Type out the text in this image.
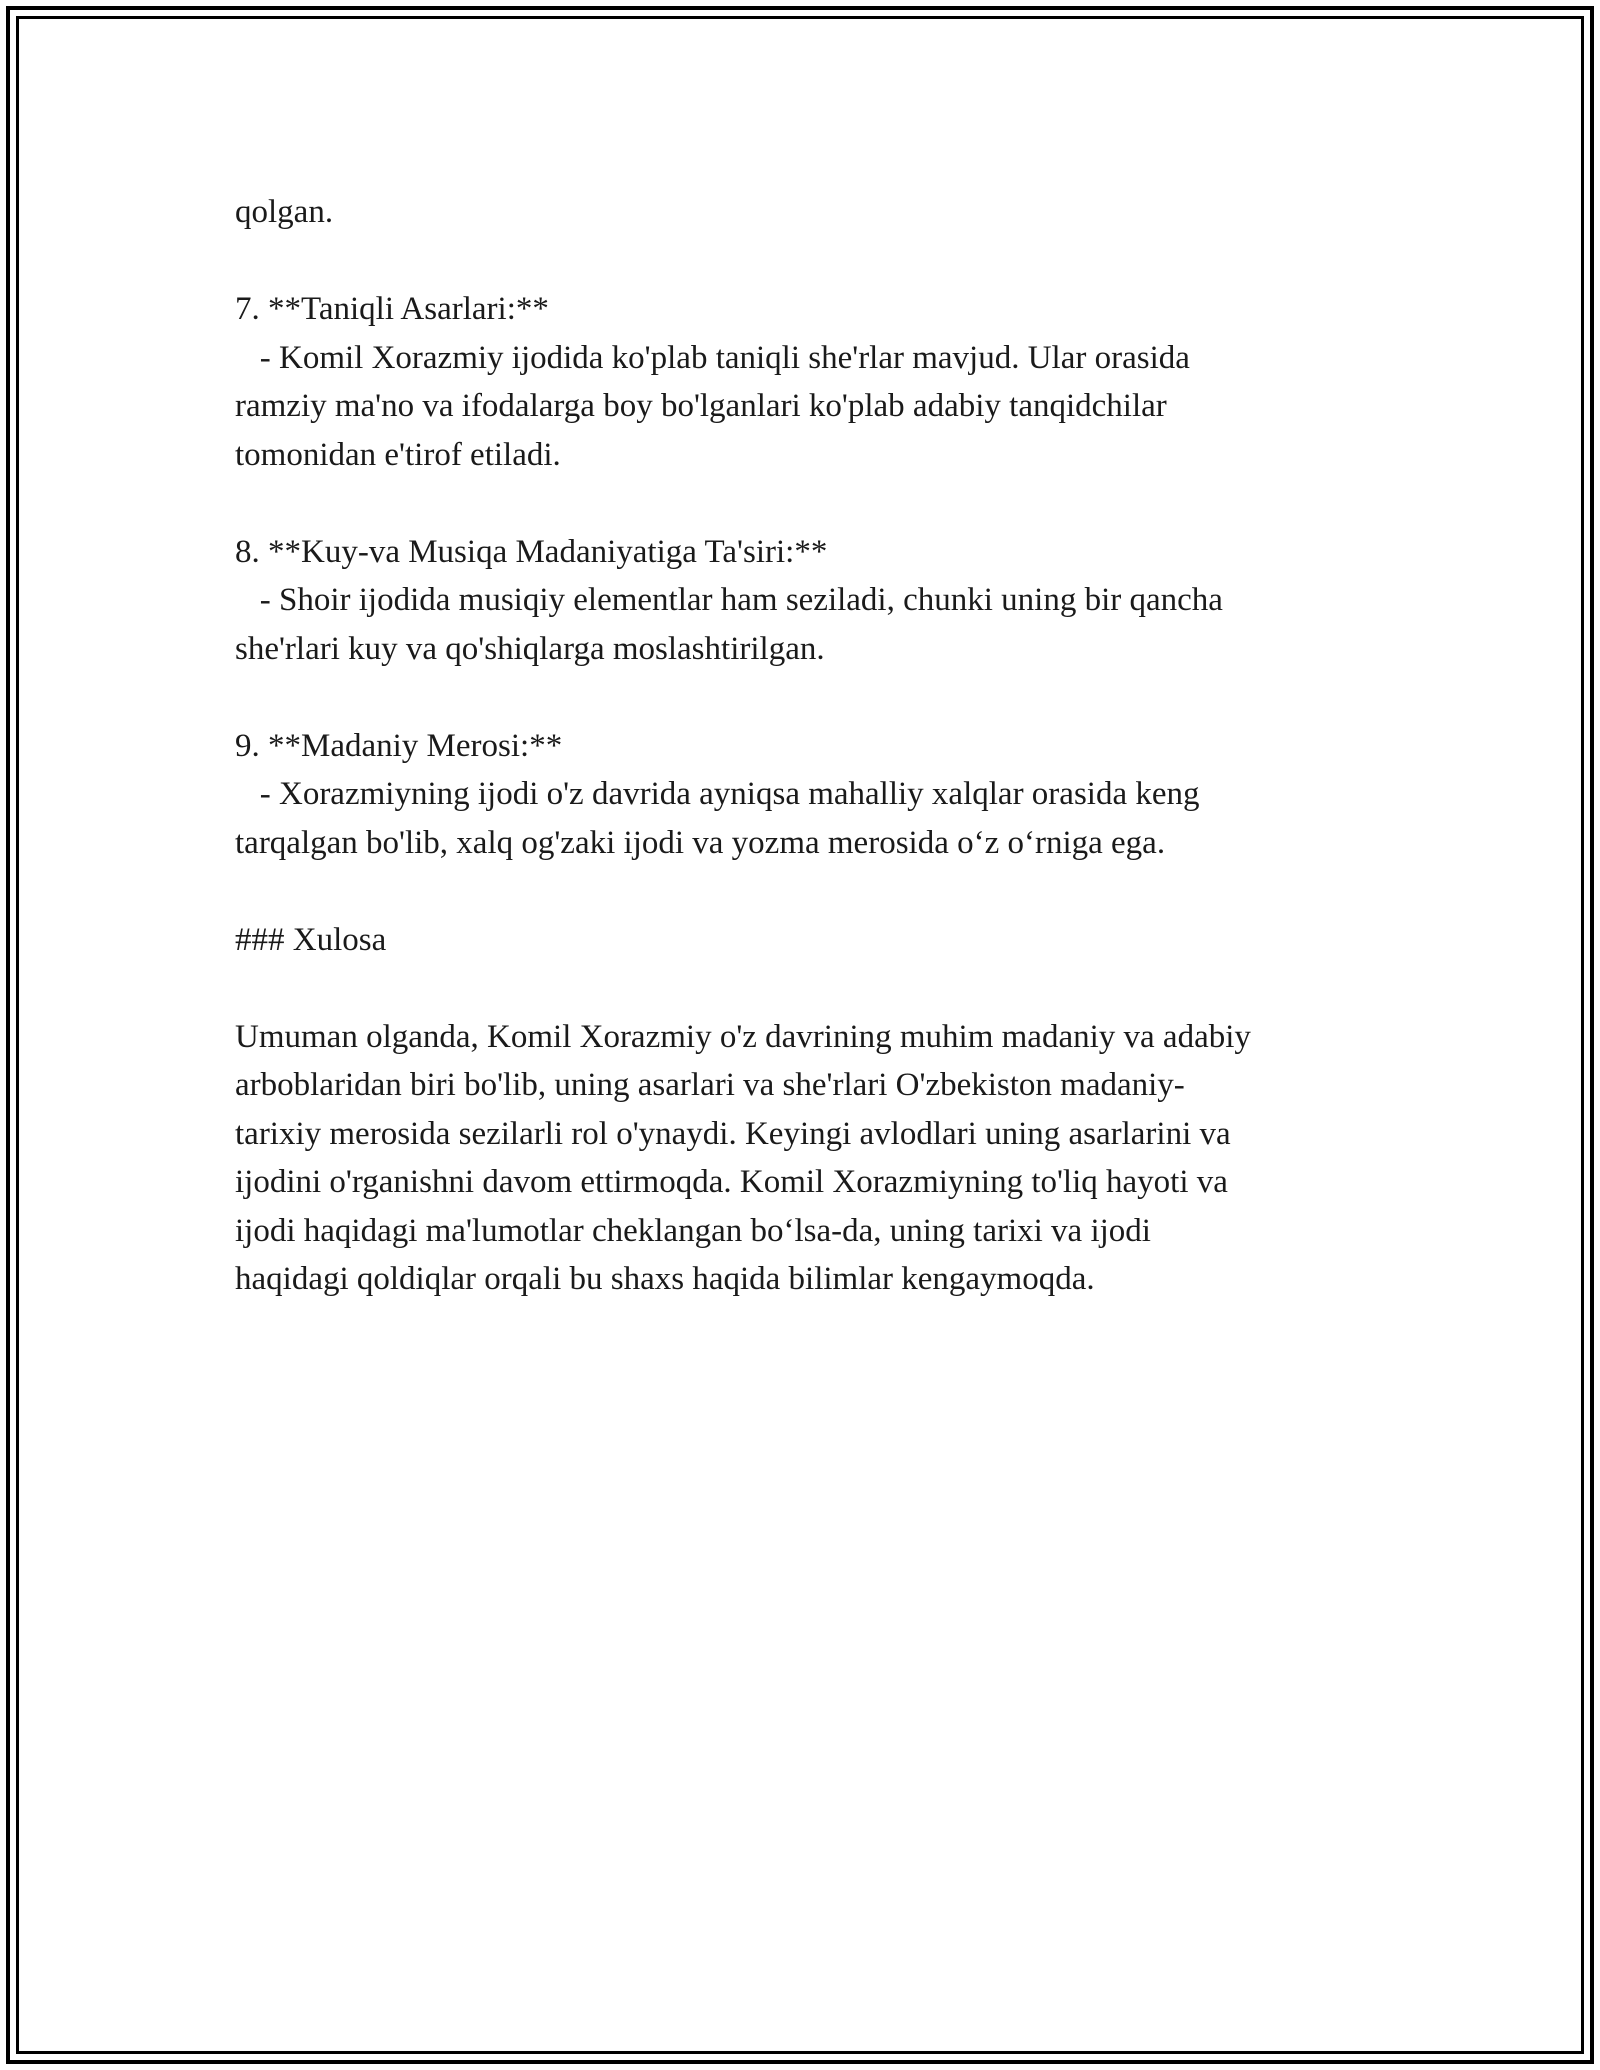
qolgan.
7. **Taniqli Asarlari:**
- Komil Xorazmiy ijodida ko'plab taniqli she'rlar mavjud. Ular orasida
ramziy ma'no va ifodalarga boy bo'lganlari ko'plab adabiy tanqidchilar
tomonidan e'tirof etiladi.
8. **Kuy-va Musiqa Madaniyatiga Ta'siri:**
- Shoir ijodida musiqiy elementlar ham seziladi, chunki uning bir qancha
she'rlari kuy va qo'shiqlarga moslashtirilgan.
9. **Madaniy Merosi:**
- Xorazmiyning ijodi o'z davrida ayniqsa mahalliy xalqlar orasida keng
tarqalgan bo'lib, xalq og'zaki ijodi va yozma merosida o‘z o‘rniga ega.
### Xulosa
Umuman olganda, Komil Xorazmiy o'z davrining muhim madaniy va adabiy
arboblaridan biri bo'lib, uning asarlari va she'rlari O'zbekiston madaniy-
tarixiy merosida sezilarli rol o'ynaydi. Keyingi avlodlari uning asarlarini va
ijodini o'rganishni davom ettirmoqda. Komil Xorazmiyning to'liq hayoti va
ijodi haqidagi ma'lumotlar cheklangan bo‘lsa-da, uning tarixi va ijodi
haqidagi qoldiqlar orqali bu shaxs haqida bilimlar kengaymoqda.
